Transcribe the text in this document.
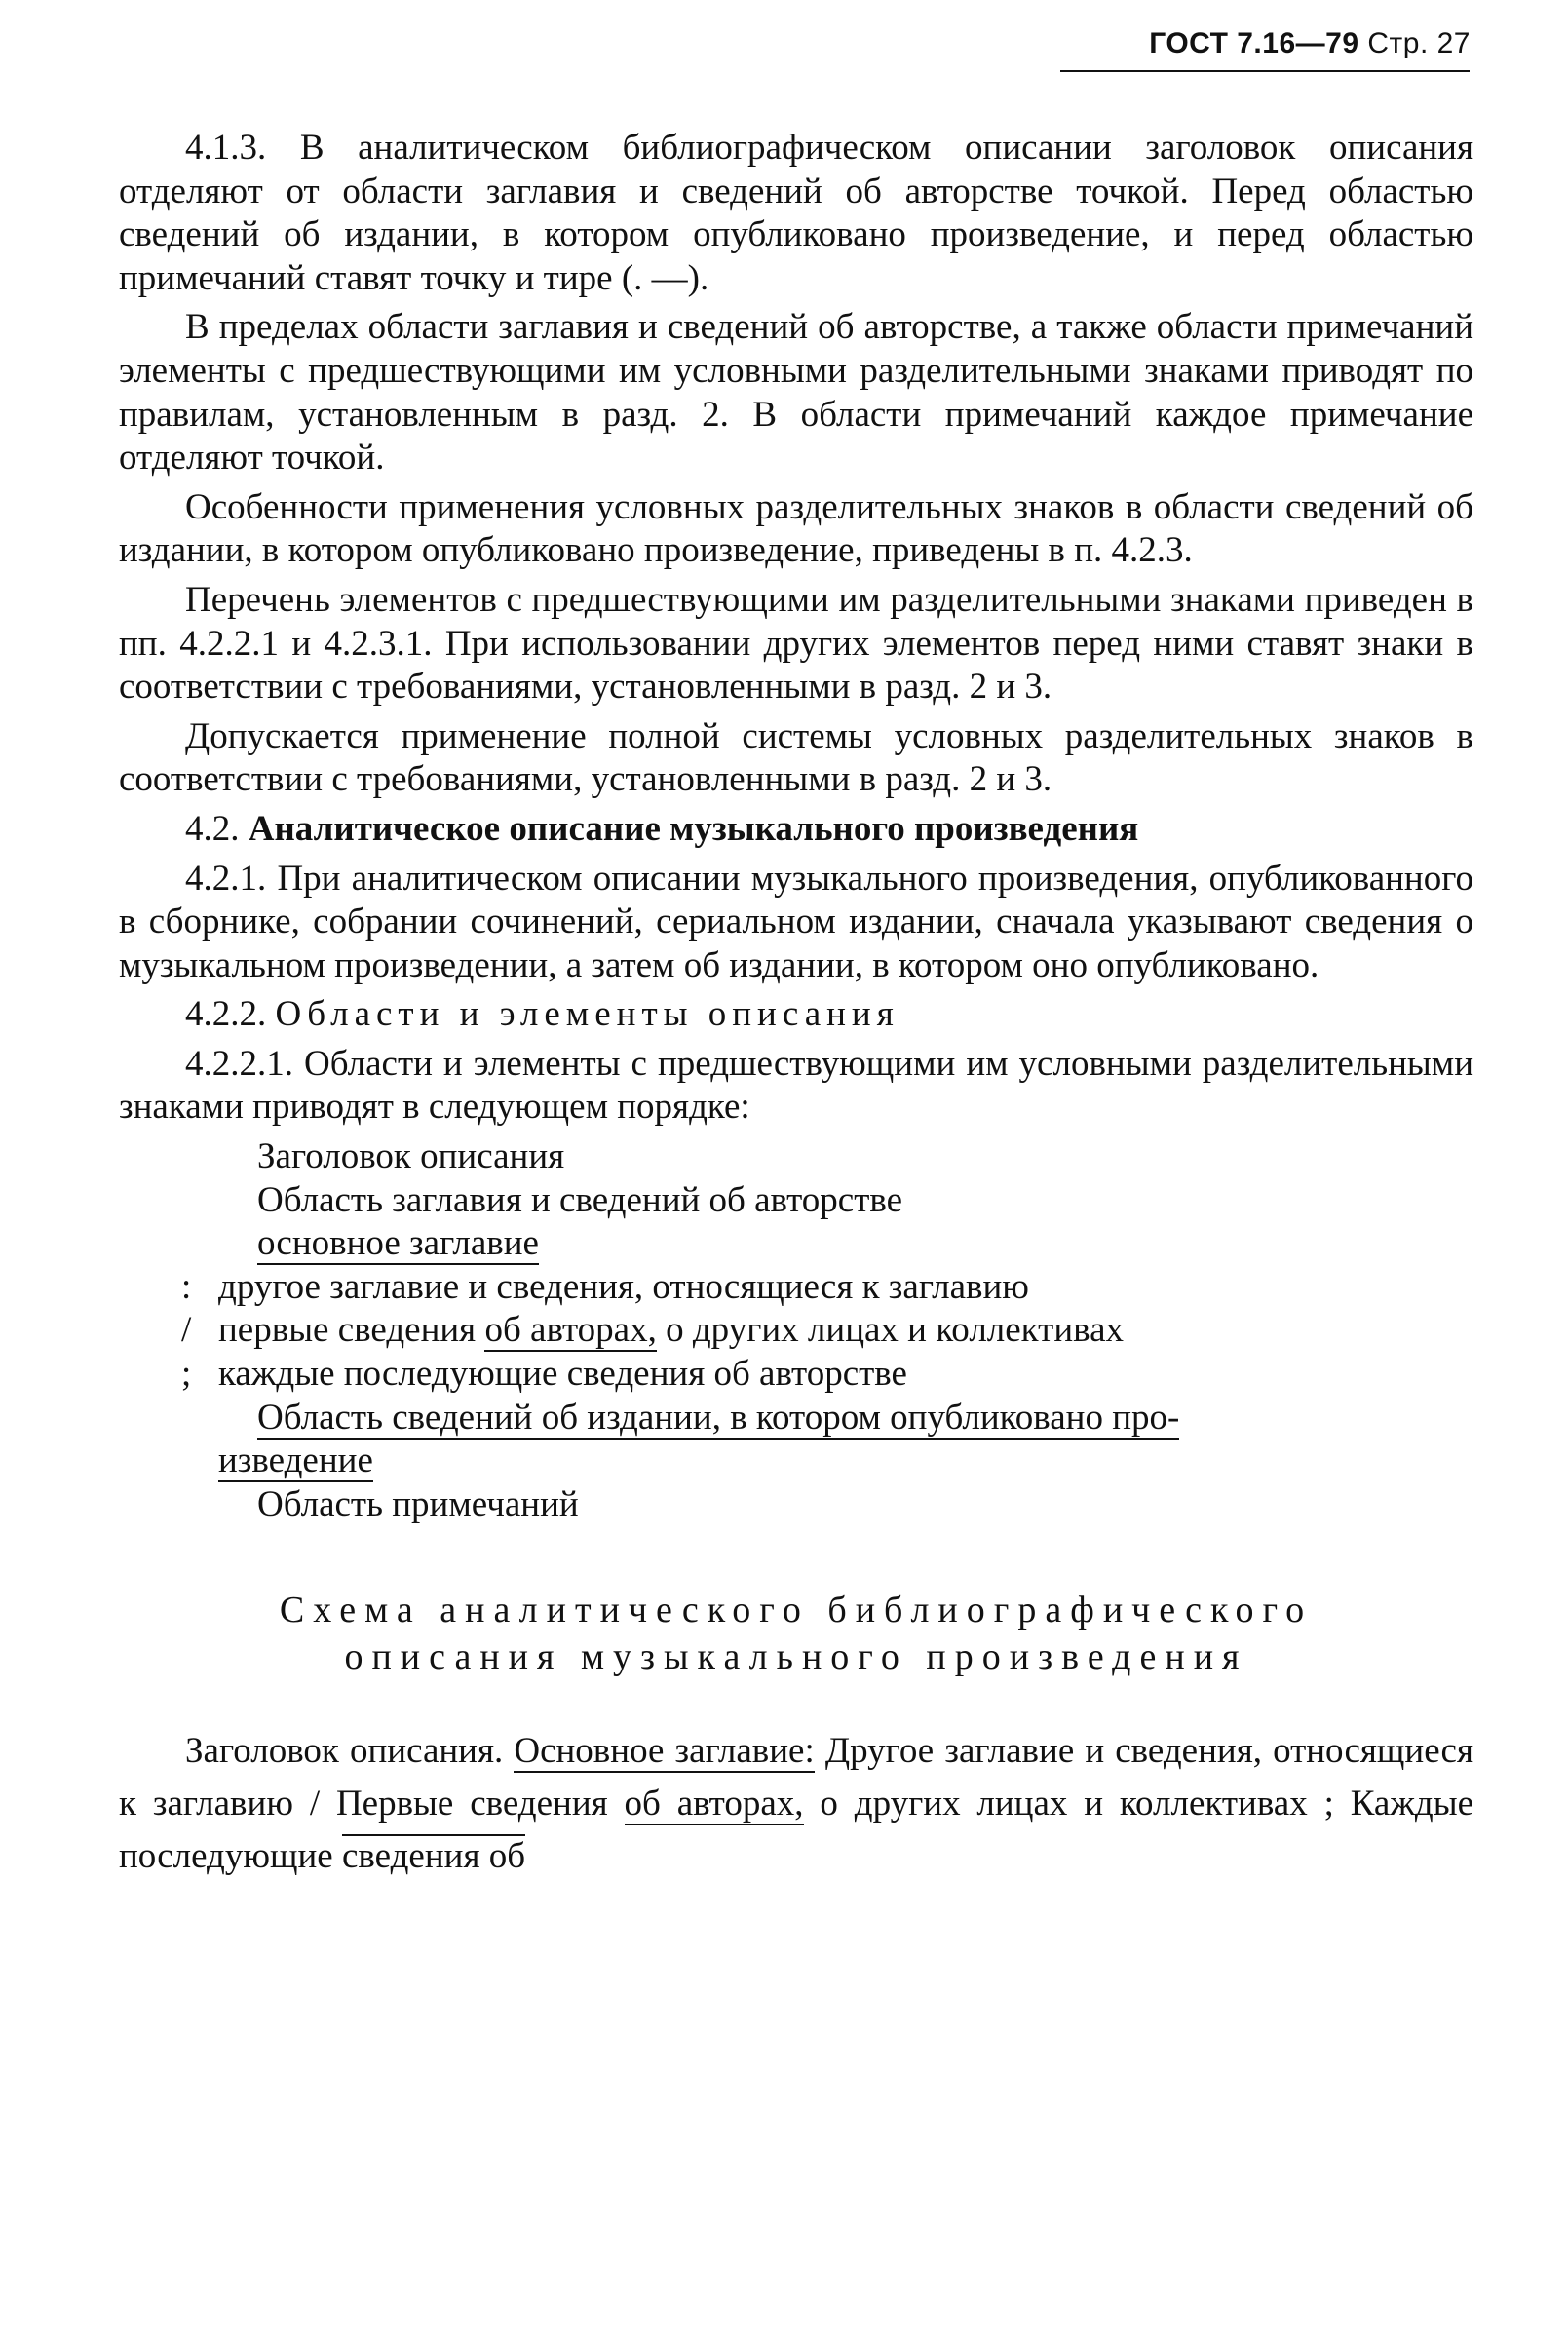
ГОСТ 7.16—79 Стр. 27

4.1.3. В аналитическом библиографическом описании заголовок описания отделяют от области заглавия и сведений об авторстве точкой. Перед областью сведений об издании, в котором опубликовано произведение, и перед областью примечаний ставят точку и тире (. —).

В пределах области заглавия и сведений об авторстве, а также области примечаний элементы с предшествующими им условными разделительными знаками приводят по правилам, установленным в разд. 2. В области примечаний каждое примечание отделяют точкой.

Особенности применения условных разделительных знаков в области сведений об издании, в котором опубликовано произведение, приведены в п. 4.2.3.

Перечень элементов с предшествующими им разделительными знаками приведен в пп. 4.2.2.1 и 4.2.3.1. При использовании других элементов перед ними ставят знаки в соответствии с требованиями, установленными в разд. 2 и 3.

Допускается применение полной системы условных разделительных знаков в соответствии с требованиями, установленными в разд. 2 и 3.

4.2. Аналитическое описание музыкального произведения

4.2.1. При аналитическом описании музыкального произведения, опубликованного в сборнике, собрании сочинений, сериальном издании, сначала указывают сведения о музыкальном произведении, а затем об издании, в котором оно опубликовано.

4.2.2. Области и элементы описания

4.2.2.1. Области и элементы с предшествующими им условными разделительными знаками приводят в следующем порядке:

Заголовок описания
Область заглавия и сведений об авторстве
основное заглавие
: другое заглавие и сведения, относящиеся к заглавию
/ первые сведения об авторах, о других лицах и коллективах
; каждые последующие сведения об авторстве
Область сведений об издании, в котором опубликовано про-
изведение
Область примечаний
Схема аналитического библиографического
описания музыкального произведения

Заголовок описания. Основное заглавие: Другое заглавие и сведения, относящиеся к заглавию / Первые сведения об авторах, о других лицах и коллективах ; Каждые последующие сведения об
